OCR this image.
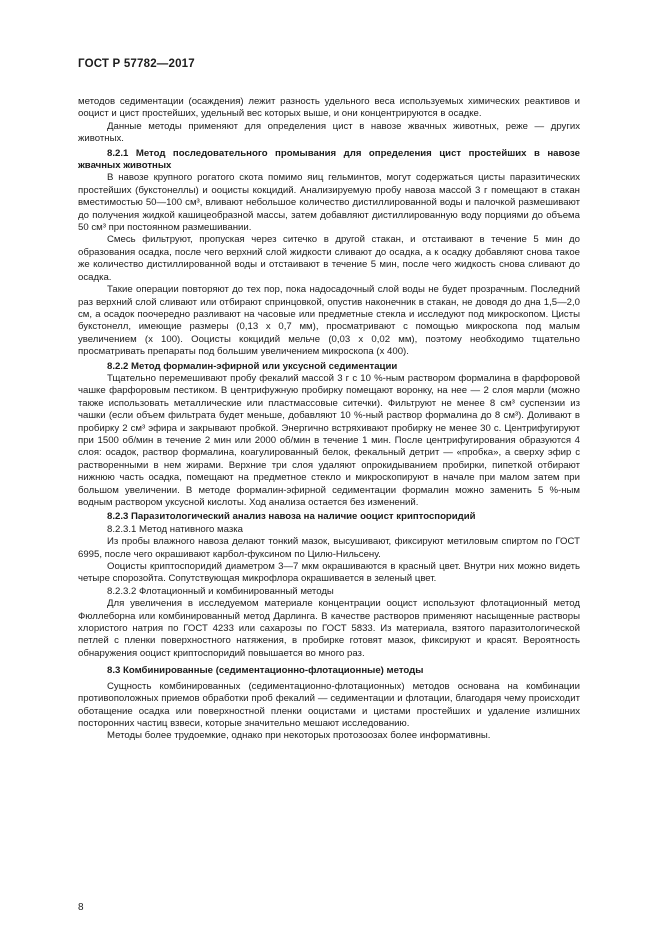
ГОСТ Р 57782—2017

методов седиментации (осаждения) лежит разность удельного веса используемых химических реактивов и ооцист и цист простейших, удельный вес которых выше, и они концентрируются в осадке.

Данные методы применяют для определения цист в навозе жвачных животных, реже — других животных.

8.2.1 Метод последовательного промывания для определения цист простейших в навозе жвачных животных

В навозе крупного рогатого скота помимо яиц гельминтов, могут содержаться цисты паразитических простейших (букстонеллы) и ооцисты кокцидий. Анализируемую пробу навоза массой 3 г помещают в стакан вместимостью 50—100 см³, вливают небольшое количество дистиллированной воды и палочкой размешивают до получения жидкой кашицеобразной массы, затем добавляют дистиллированную воду порциями до объема 50 см³ при постоянном размешивании.

Смесь фильтруют, пропуская через ситечко в другой стакан, и отстаивают в течение 5 мин до образования осадка, после чего верхний слой жидкости сливают до осадка, а к осадку добавляют снова такое же количество дистиллированной воды и отстаивают в течение 5 мин, после чего жидкость снова сливают до осадка.

Такие операции повторяют до тех пор, пока надосадочный слой воды не будет прозрачным. Последний раз верхний слой сливают или отбирают спринцовкой, опустив наконечник в стакан, не доводя до дна 1,5—2,0 см, а осадок поочередно разливают на часовые или предметные стекла и исследуют под микроскопом. Цисты букстонелл, имеющие размеры (0,13 х 0,7 мм), просматривают с помощью микроскопа под малым увеличением (х 100). Ооцисты кокцидий мельче (0,03 х 0,02 мм), поэтому необходимо тщательно просматривать препараты под большим увеличением микроскопа (х 400).

8.2.2 Метод формалин-эфирной или уксусной седиментации

Тщательно перемешивают пробу фекалий массой 3 г с 10 %-ным раствором формалина в фарфоровой чашке фарфоровым пестиком. В центрифужную пробирку помещают воронку, на нее — 2 слоя марли (можно также использовать металлические или пластмассовые ситечки). Фильтруют не менее 8 см³ суспензии из чашки (если объем фильтрата будет меньше, добавляют 10 %-ный раствор формалина до 8 см³). Доливают в пробирку 2 см³ эфира и закрывают пробкой. Энергично встряхивают пробирку не менее 30 с. Центрифугируют при 1500 об/мин в течение 2 мин или 2000 об/мин в течение 1 мин. После центрифугирования образуются 4 слоя: осадок, раствор формалина, коагулированный белок, фекальный детрит — «пробка», а сверху эфир с растворенными в нем жирами. Верхние три слоя удаляют опрокидыванием пробирки, пипеткой отбирают нижнюю часть осадка, помещают на предметное стекло и микроскопируют в начале при малом затем при большом увеличении. В методе формалин-эфирной седиментации формалин можно заменить 5 %-ным водным раствором уксусной кислоты. Ход анализа остается без изменений.

8.2.3 Паразитологический анализ навоза на наличие ооцист криптоспоридий

8.2.3.1 Метод нативного мазка

Из пробы влажного навоза делают тонкий мазок, высушивают, фиксируют метиловым спиртом по ГОСТ 6995, после чего окрашивают карбол-фуксином по Цилю-Нильсену.

Ооцисты криптоспоридий диаметром 3—7 мкм окрашиваются в красный цвет. Внутри них можно видеть четыре спорозойта. Сопутствующая микрофлора окрашивается в зеленый цвет.

8.2.3.2 Флотационный и комбинированный методы

Для увеличения в исследуемом материале концентрации ооцист используют флотационный метод Фюллеборна или комбинированный метод Дарлинга. В качестве растворов применяют насыщенные растворы хлористого натрия по ГОСТ 4233 или сахарозы по ГОСТ 5833. Из материала, взятого паразитологической петлей с пленки поверхностного натяжения, в пробирке готовят мазок, фиксируют и красят. Вероятность обнаружения ооцист криптоспоридий повышается во много раз.

8.3 Комбинированные (седиментационно-флотационные) методы

Сущность комбинированных (седиментационно-флотационных) методов основана на комбинации противоположных приемов обработки проб фекалий — седиментации и флотации, благодаря чему происходит оботащение осадка или поверхностной пленки ооцистами и цистами простейших и удаление излишних посторонних частиц взвеси, которые значительно мешают исследованию.

Методы более трудоемкие, однако при некоторых протозоозах более информативны.

8
